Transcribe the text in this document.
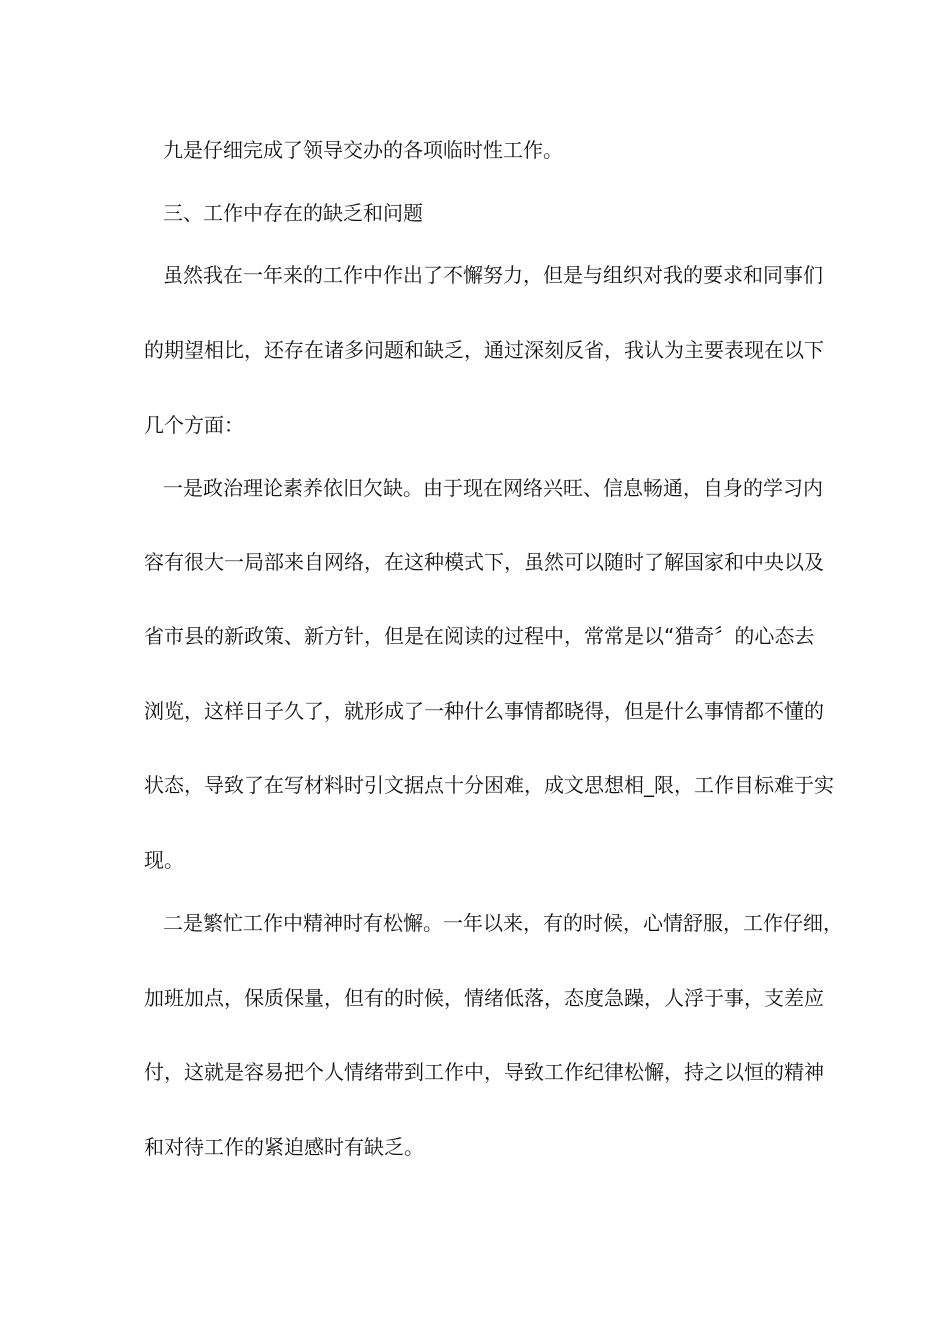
九是仔细完成了领导交办的各项临时性工作。
三、工作中存在的缺乏和问题
虽然我在一年来的工作中作出了不懈努力，但是与组织对我的要求和同事们
的期望相比，还存在诸多问题和缺乏，通过深刻反省，我认为主要表现在以下
几个方面：
一是政治理论素养依旧欠缺。由于现在网络兴旺、信息畅通，自身的学习内
容有很大一局部来自网络，在这种模式下，虽然可以随时了解国家和中央以及
省市县的新政策、新方针，但是在阅读的过程中，常常是以“猎奇〞的心态去
浏览，这样日子久了，就形成了一种什么事情都晓得，但是什么事情都不懂的
状态，导致了在写材料时引文据点十分困难，成文思想相_限，工作目标难于实
现。
二是繁忙工作中精神时有松懈。一年以来，有的时候，心情舒服，工作仔细，
加班加点，保质保量，但有的时候，情绪低落，态度急躁，人浮于事，支差应
付，这就是容易把个人情绪带到工作中，导致工作纪律松懈，持之以恒的精神
和对待工作的紧迫感时有缺乏。
